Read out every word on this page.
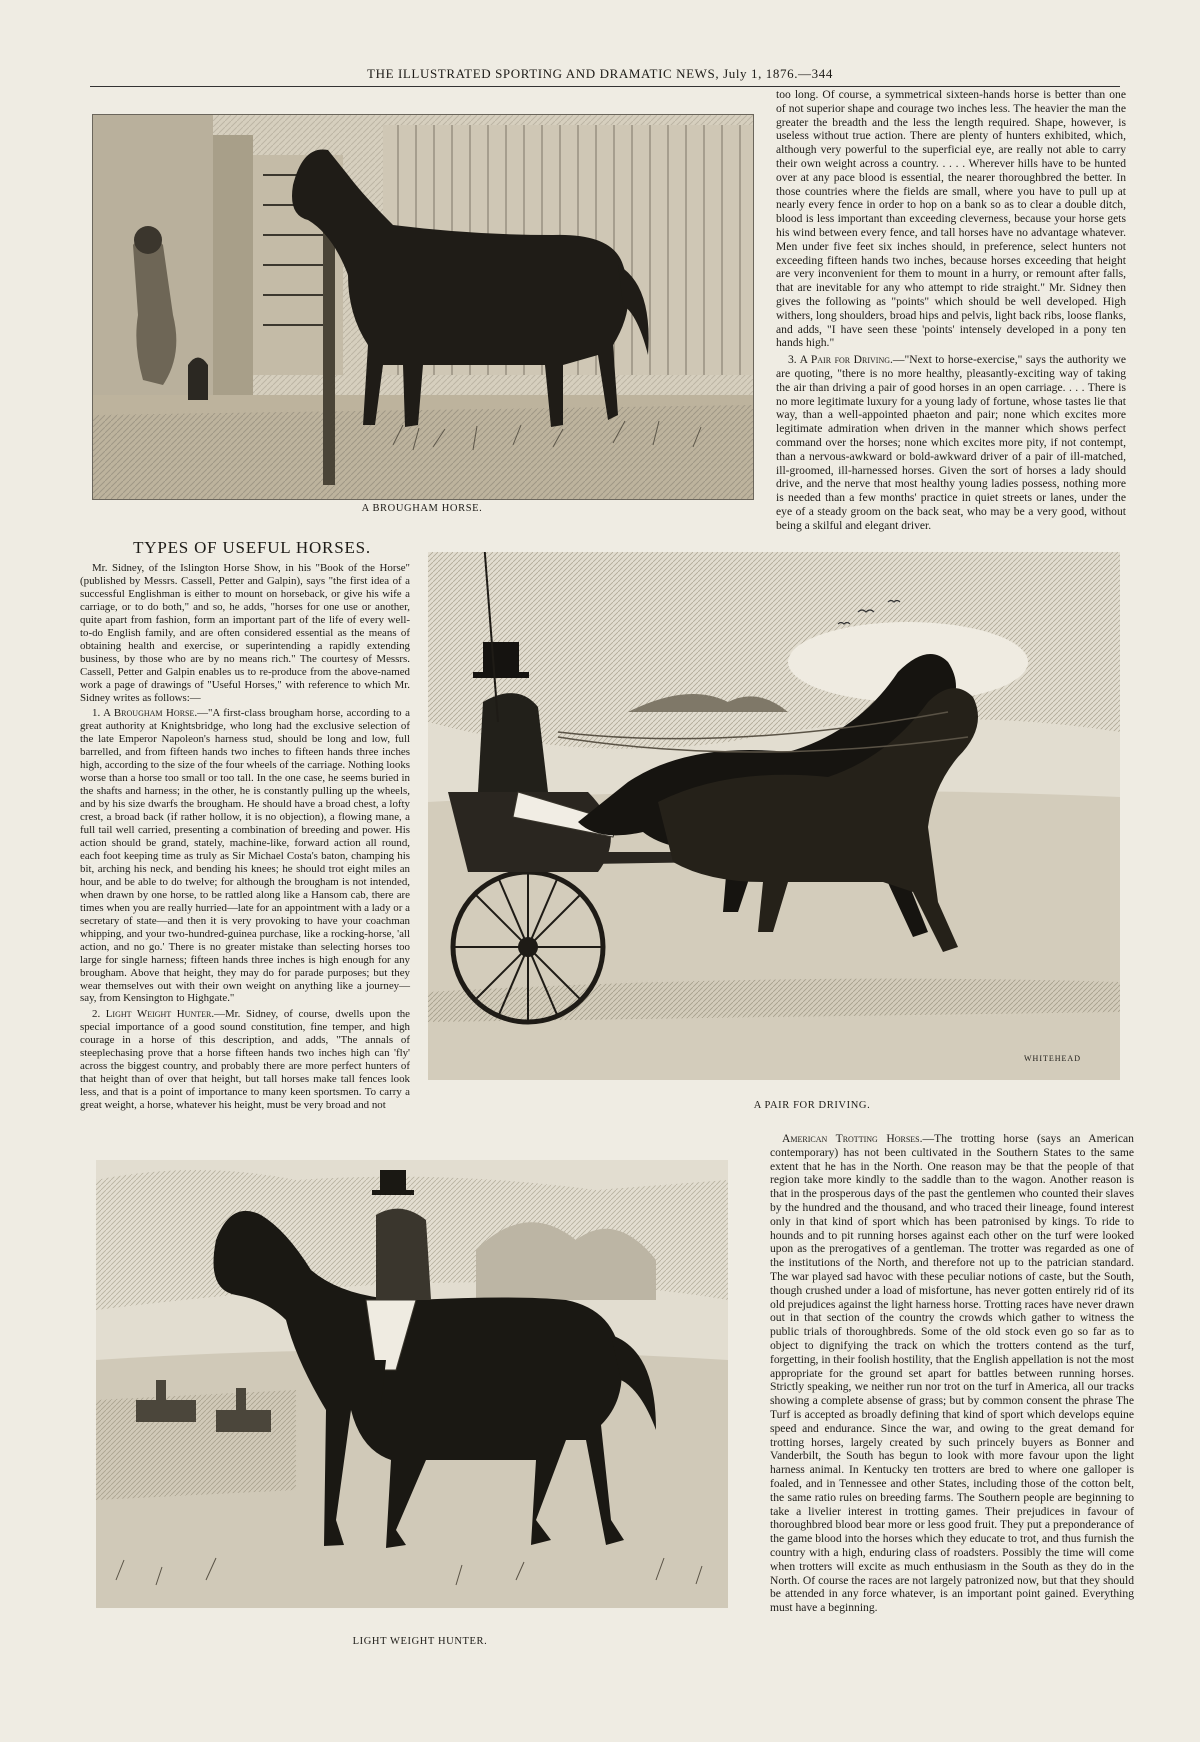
THE ILLUSTRATED SPORTING AND DRAMATIC NEWS, July 1, 1876.—344
A BROUGHAM HORSE.

too long. Of course, a symmetrical sixteen-hands horse is better than one of not superior shape and courage two inches less. The heavier the man the greater the breadth and the less the length required. Shape, however, is useless without true action. There are plenty of hunters exhibited, which, although very powerful to the superficial eye, are really not able to carry their own weight across a country. . . . . Wherever hills have to be hunted over at any pace blood is essential, the nearer thoroughbred the better. In those countries where the fields are small, where you have to pull up at nearly every fence in order to hop on a bank so as to clear a double ditch, blood is less important than exceeding cleverness, because your horse gets his wind between every fence, and tall horses have no advantage whatever. Men under five feet six inches should, in preference, select hunters not exceeding fifteen hands two inches, because horses exceeding that height are very inconvenient for them to mount in a hurry, or remount after falls, that are inevitable for any who attempt to ride straight." Mr. Sidney then gives the following as "points" which should be well developed. High withers, long shoulders, broad hips and pelvis, light back ribs, loose flanks, and adds, "I have seen these 'points' intensely developed in a pony ten hands high."

3. A Pair for Driving.—"Next to horse-exercise," says the authority we are quoting, "there is no more healthy, pleasantly-exciting way of taking the air than driving a pair of good horses in an open carriage. . . . There is no more legitimate luxury for a young lady of fortune, whose tastes lie that way, than a well-appointed phaeton and pair; none which excites more legitimate admiration when driven in the manner which shows perfect command over the horses; none which excites more pity, if not contempt, than a nervous-awkward or bold-awkward driver of a pair of ill-matched, ill-groomed, ill-harnessed horses. Given the sort of horses a lady should drive, and the nerve that most healthy young ladies possess, nothing more is needed than a few months' practice in quiet streets or lanes, under the eye of a steady groom on the back seat, who may be a very good, without being a skilful and elegant driver.

TYPES OF USEFUL HORSES.

Mr. Sidney, of the Islington Horse Show, in his "Book of the Horse" (published by Messrs. Cassell, Petter and Galpin), says "the first idea of a successful Englishman is either to mount on horseback, or give his wife a carriage, or to do both," and so, he adds, "horses for one use or another, quite apart from fashion, form an important part of the life of every well-to-do English family, and are often considered essential as the means of obtaining health and exercise, or superintending a rapidly extending business, by those who are by no means rich." The courtesy of Messrs. Cassell, Petter and Galpin enables us to re-produce from the above-named work a page of drawings of "Useful Horses," with reference to which Mr. Sidney writes as follows:—

1. A Brougham Horse.—"A first-class brougham horse, according to a great authority at Knightsbridge, who long had the exclusive selection of the late Emperor Napoleon's harness stud, should be long and low, full barrelled, and from fifteen hands two inches to fifteen hands three inches high, according to the size of the four wheels of the carriage. Nothing looks worse than a horse too small or too tall. In the one case, he seems buried in the shafts and harness; in the other, he is constantly pulling up the wheels, and by his size dwarfs the brougham. He should have a broad chest, a lofty crest, a broad back (if rather hollow, it is no objection), a flowing mane, a full tail well carried, presenting a combination of breeding and power. His action should be grand, stately, machine-like, forward action all round, each foot keeping time as truly as Sir Michael Costa's baton, champing his bit, arching his neck, and bending his knees; he should trot eight miles an hour, and be able to do twelve; for although the brougham is not intended, when drawn by one horse, to be rattled along like a Hansom cab, there are times when you are really hurried—late for an appointment with a lady or a secretary of state—and then it is very provoking to have your coachman whipping, and your two-hundred-guinea purchase, like a rocking-horse, 'all action, and no go.' There is no greater mistake than selecting horses too large for single harness; fifteen hands three inches is high enough for any brougham. Above that height, they may do for parade purposes; but they wear themselves out with their own weight on anything like a journey—say, from Kensington to Highgate."

2. Light Weight Hunter.—Mr. Sidney, of course, dwells upon the special importance of a good sound constitution, fine temper, and high courage in a horse of this description, and adds, "The annals of steeplechasing prove that a horse fifteen hands two inches high can 'fly' across the biggest country, and probably there are more perfect hunters of that height than of over that height, but tall horses make tall fences look less, and that is a point of importance to many keen sportsmen. To carry a great weight, a horse, whatever his height, must be very broad and not

WHITEHEAD
A PAIR FOR DRIVING.

American Trotting Horses.—The trotting horse (says an American contemporary) has not been cultivated in the Southern States to the same extent that he has in the North. One reason may be that the people of that region take more kindly to the saddle than to the wagon. Another reason is that in the prosperous days of the past the gentlemen who counted their slaves by the hundred and the thousand, and who traced their lineage, found interest only in that kind of sport which has been patronised by kings. To ride to hounds and to pit running horses against each other on the turf were looked upon as the prerogatives of a gentleman. The trotter was regarded as one of the institutions of the North, and therefore not up to the patrician standard. The war played sad havoc with these peculiar notions of caste, but the South, though crushed under a load of misfortune, has never gotten entirely rid of its old prejudices against the light harness horse. Trotting races have never drawn out in that section of the country the crowds which gather to witness the public trials of thoroughbreds. Some of the old stock even go so far as to object to dignifying the track on which the trotters contend as the turf, forgetting, in their foolish hostility, that the English appellation is not the most appropriate for the ground set apart for battles between running horses. Strictly speaking, we neither run nor trot on the turf in America, all our tracks showing a complete absense of grass; but by common consent the phrase The Turf is accepted as broadly defining that kind of sport which develops equine speed and endurance. Since the war, and owing to the great demand for trotting horses, largely created by such princely buyers as Bonner and Vanderbilt, the South has begun to look with more favour upon the light harness animal. In Kentucky ten trotters are bred to where one galloper is foaled, and in Tennessee and other States, including those of the cotton belt, the same ratio rules on breeding farms. The Southern people are beginning to take a livelier interest in trotting games. Their prejudices in favour of thoroughbred blood bear more or less good fruit. They put a preponderance of the game blood into the horses which they educate to trot, and thus furnish the country with a high, enduring class of roadsters. Possibly the time will come when trotters will excite as much enthusiasm in the South as they do in the North. Of course the races are not largely patronized now, but that they should be attended in any force whatever, is an important point gained. Everything must have a beginning.

LIGHT WEIGHT HUNTER.
